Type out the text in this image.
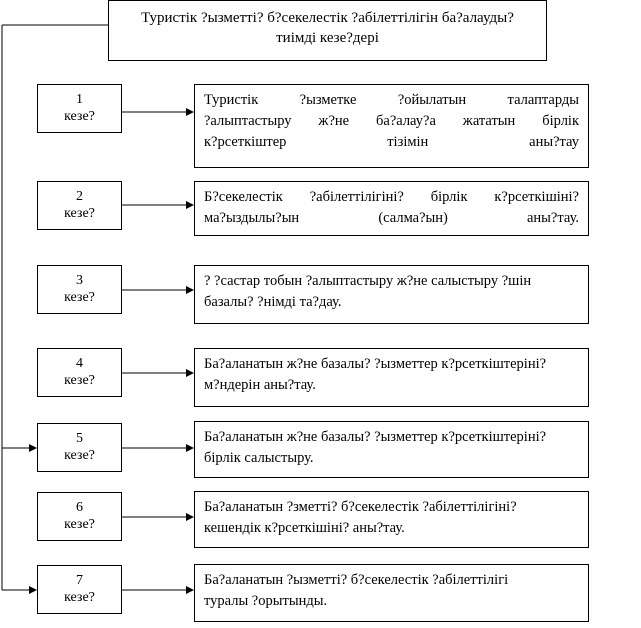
Туристік ?ызметті? б?секелестік ?абілеттілігін ба?алауды?
тиімді кезе?дері
1
кезе?
Туристік ?ызметке ?ойылатын талаптарды
?алыптастыру ж?не ба?алау?а жататын бірлік
к?рсеткіштер тізімін аны?тау
2
кезе?
Б?секелестік ?абілеттілігіні? бірлік к?рсеткішіні?
ма?ыздылы?ын (салма?ын) аны?тау.
3
кезе?
? ?састар тобын ?алыптастыру ж?не салыстыру ?шін
базалы? ?німді та?дау.
4
кезе?
Ба?аланатын ж?не базалы? ?ызметтер к?рсеткіштеріні?
м?ндерін аны?тау.
5
кезе?
Ба?аланатын ж?не базалы? ?ызметтер к?рсеткіштеріні?
бірлік салыстыру.
6
кезе?
Ба?аланатын ?зметті? б?секелестік ?абілеттілігіні?
кешендік к?рсеткішіні? аны?тау.
7
кезе?
Ба?аланатын ?ызметті? б?секелестік ?абілеттілігі
туралы ?орытынды.
